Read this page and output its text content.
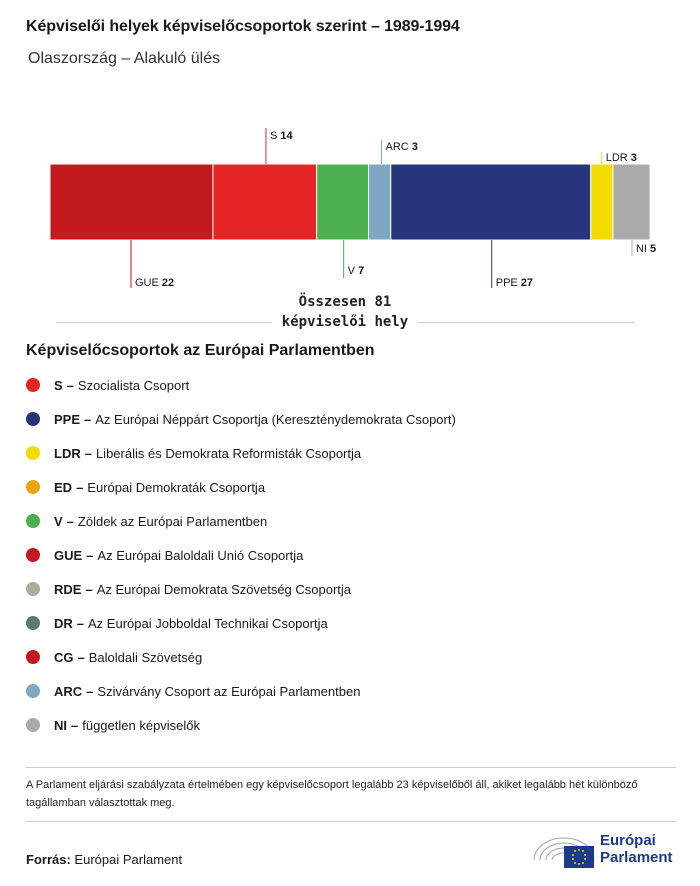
Képviselői helyek képviselőcsoportok szerint – 1989-1994
Olaszország – Alakuló ülés
GUE 22
S 14
V 7
ARC 3
PPE 27
LDR 3
NI 5
Összesen 81 képviselői hely
Képviselőcsoportok az Európai Parlamentben
S – Szocialista Csoport
PPE – Az Európai Néppárt Csoportja (Kereszténydemokrata Csoport)
LDR – Liberális és Demokrata Reformisták Csoportja
ED – Európai Demokraták Csoportja
V – Zöldek az Európai Parlamentben
GUE – Az Európai Baloldali Unió Csoportja
RDE – Az Európai Demokrata Szövetség Csoportja
DR – Az Európai Jobboldal Technikai Csoportja
CG – Baloldali Szövetség
ARC – Szivárvány Csoport az Európai Parlamentben
NI – független képviselők
A Parlament eljárási szabályzata értelmében egy képviselőcsoport legalább 23 képviselőből áll, akiket legalább hét különböző tagállamban választottak meg.
Forrás: Európai Parlament
Európai
Parlament
